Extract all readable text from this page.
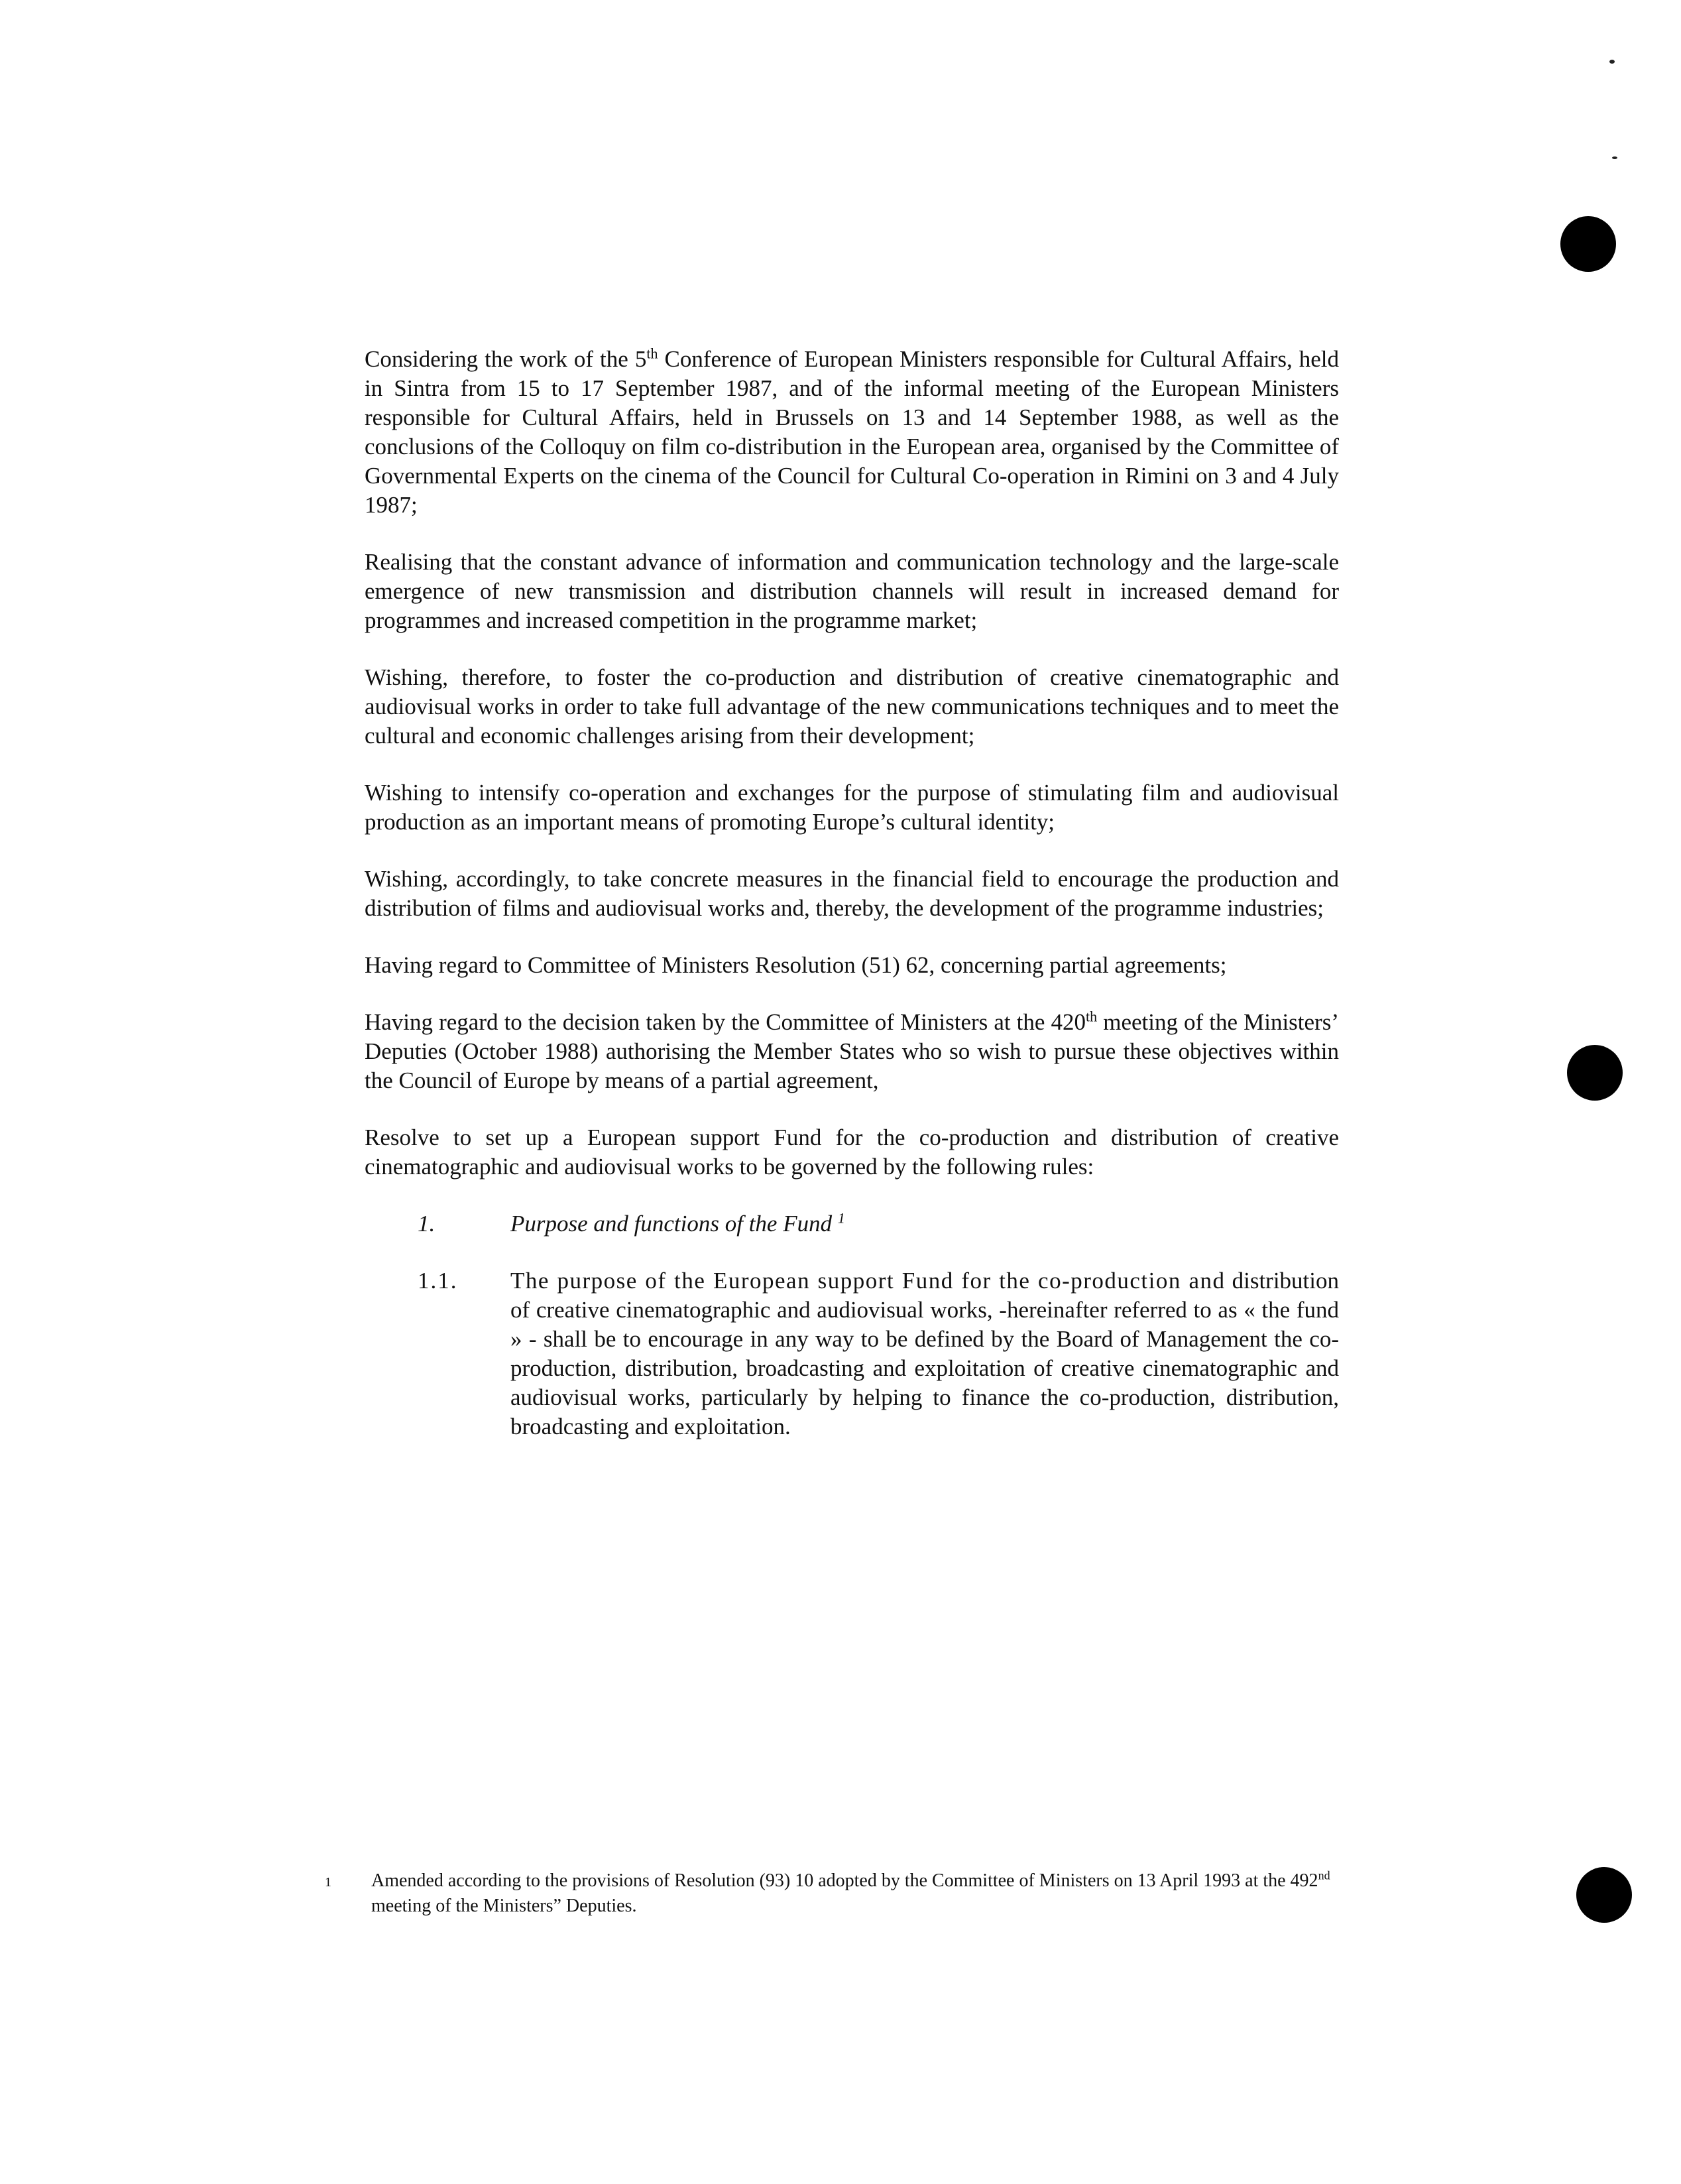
Considering the work of the 5th Conference of European Ministers responsible for Cultural Affairs, held in Sintra from 15 to 17 September 1987, and of the informal meeting of the European Ministers responsible for Cultural Affairs, held in Brussels on 13 and 14 September 1988, as well as the conclusions of the Colloquy on film co-distribution in the European area, organised by the Committee of Governmental Experts on the cinema of the Council for Cultural Co-operation in Rimini on 3 and 4 July 1987;

Realising that the constant advance of information and communication technology and the large-scale emergence of new transmission and distribution channels will result in increased demand for programmes and increased competition in the programme market;

Wishing, therefore, to foster the co-production and distribution of creative cinematographic and audiovisual works in order to take full advantage of the new communications techniques and to meet the cultural and economic challenges arising from their development;

Wishing to intensify co-operation and exchanges for the purpose of stimulating film and audiovisual production as an important means of promoting Europe’s cultural identity;

Wishing, accordingly, to take concrete measures in the financial field to encourage the production and distribution of films and audiovisual works and, thereby, the development of the programme industries;

Having regard to Committee of Ministers Resolution (51) 62, concerning partial agreements;

Having regard to the decision taken by the Committee of Ministers at the 420th meeting of the Ministers’ Deputies (October 1988) authorising the Member States who so wish to pursue these objectives within the Council of Europe by means of a partial agreement,

Resolve to set up a European support Fund for the co-production and distribution of creative cinematographic and audiovisual works to be governed by the following rules:

1.	Purpose and functions of the Fund $^1$
1.1.	The purpose of the European support Fund for the co-production and distribution of creative cinematographic and audiovisual works, -hereinafter referred to as « the fund » - shall be to encourage in any way to be defined by the Board of Management the co-production, distribution, broadcasting and exploitation of creative cinematographic and audiovisual works, particularly by helping to finance the co-production, distribution, broadcasting and exploitation.
1	Amended according to the provisions of Resolution (93) 10 adopted by the Committee of Ministers on 13 April 1993 at the 492nd meeting of the Ministers” Deputies.
